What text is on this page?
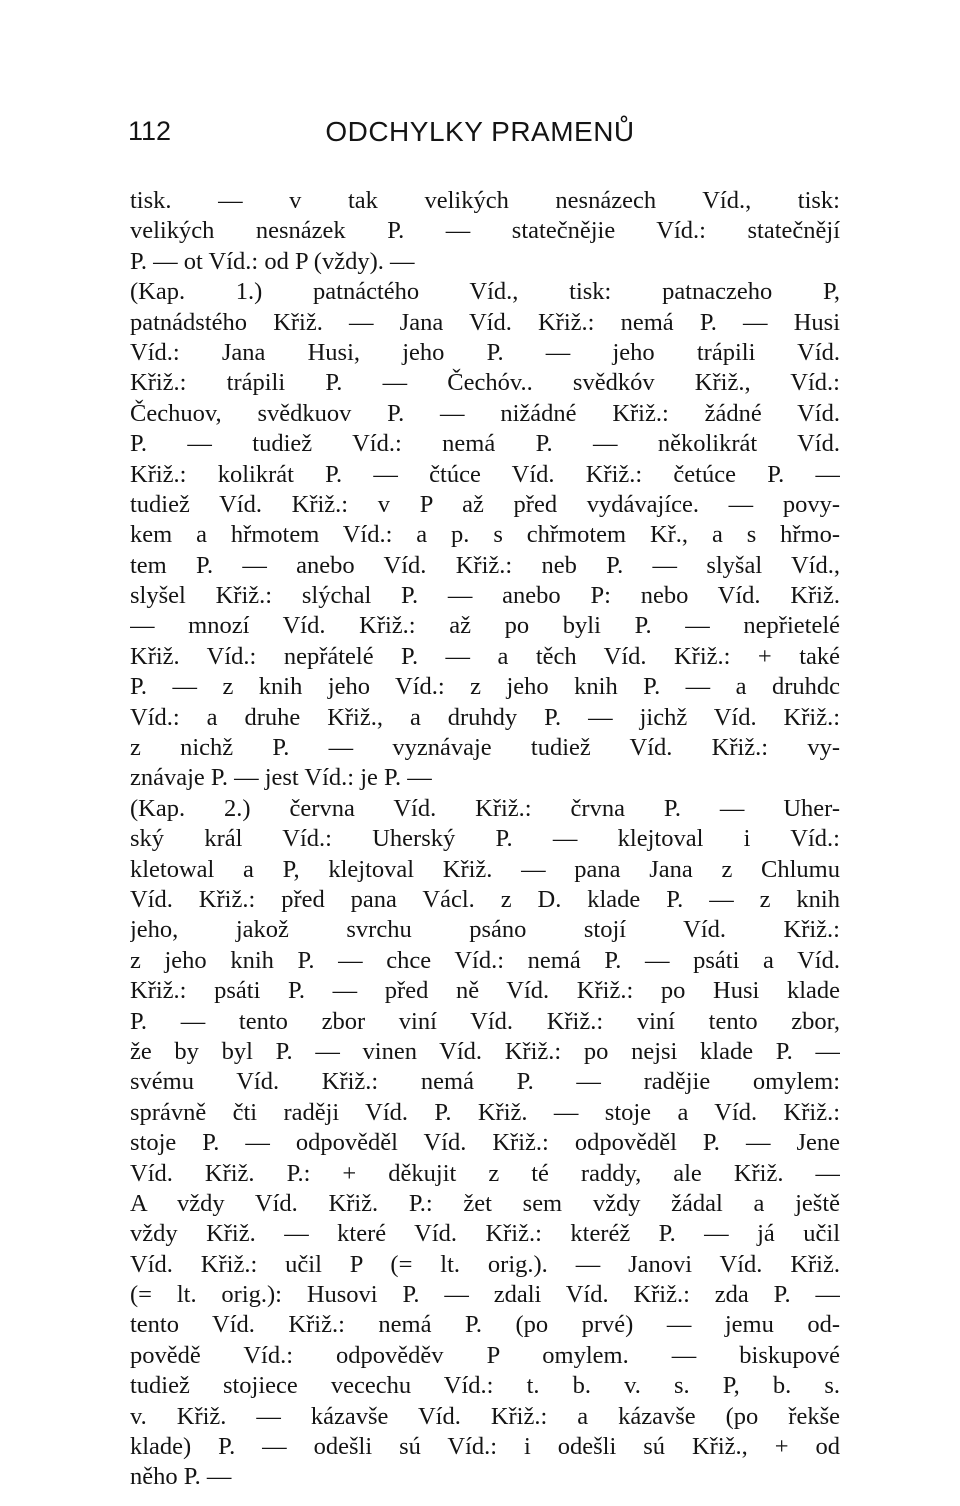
112	ODCHYLKY PRAMENŮ
tisk. — v tak velikých nesnázech Víd., tisk:
velikých nesnázek P. — statečnějie Víd.: statečnějí
P. — ot Víd.: od P (vždy). —
(Kap. 1.) patnáctého Víd., tisk: patnaczeho P,
patnádstého Křiž. — Jana Víd. Křiž.: nemá P. — Husi
Víd.: Jana Husi, jeho P. — jeho trápili Víd.
Křiž.: trápili P. — Čechóv.. svědkóv Křiž., Víd.:
Čechuov, svědkuov P. — nižádné Křiž.: žádné Víd.
P. — tudiež Víd.: nemá P. — několikrát Víd.
Křiž.: kolikrát P. — čtúce Víd. Křiž.: četúce P. —
tudiež Víd. Křiž.: v P až před vydávajíce. — povy-
kem a hřmotem Víd.: a p. s chřmotem Kř., a s hřmo-
tem P. — anebo Víd. Křiž.: neb P. — slyšal Víd.,
slyšel Křiž.: slýchal P. — anebo P: nebo Víd. Křiž.
— mnozí Víd. Křiž.: až po byli P. — nepřietelé
Křiž. Víd.: nepřátelé P. — a těch Víd. Křiž.: + také
P. — z knih jeho Víd.: z jeho knih P. — a druhdc
Víd.: a druhe Křiž., a druhdy P. — jichž Víd. Křiž.:
z nichž P. — vyznávaje tudiež Víd. Křiž.: vy-
znávaje P. — jest Víd.: je P. —
(Kap. 2.) června Víd. Křiž.: črvna P. — Uher-
ský král Víd.: Uherský P. — klejtoval i Víd.:
kletowal a P, klejtoval Křiž. — pana Jana z Chlumu
Víd. Křiž.: před pana Václ. z D. klade P. — z knih
jeho, jakož svrchu psáno stojí Víd. Křiž.:
z jeho knih P. — chce Víd.: nemá P. — psáti a Víd.
Křiž.: psáti P. — před ně Víd. Křiž.: po Husi klade
P. — tento zbor viní Víd. Křiž.: viní tento zbor,
že by byl P. — vinen Víd. Křiž.: po nejsi klade P. —
svému Víd. Křiž.: nemá P. — radějie omylem:
správně čti raději Víd. P. Křiž. — stoje a Víd. Křiž.:
stoje P. — odpověděl Víd. Křiž.: odpověděl P. — Jene
Víd. Křiž. P.: + děkujit z té raddy, ale Křiž. —
A vždy Víd. Křiž. P.: žet sem vždy žádal a ještě
vždy Křiž. — které Víd. Křiž.: kteréž P. — já učil
Víd. Křiž.: učil P (= lt. orig.). — Janovi Víd. Křiž.
(= lt. orig.): Husovi P. — zdali Víd. Křiž.: zda P. —
tento Víd. Křiž.: nemá P. (po prvé) — jemu od-
povědě Víd.: odpověděv P omylem. — biskupové
tudiež stojiece vecechu Víd.: t. b. v. s. P, b. s.
v. Křiž. — kázavše Víd. Křiž.: a kázavše (po řekše
klade) P. — odešli sú Víd.: i odešli sú Křiž., + od
něho P. —
